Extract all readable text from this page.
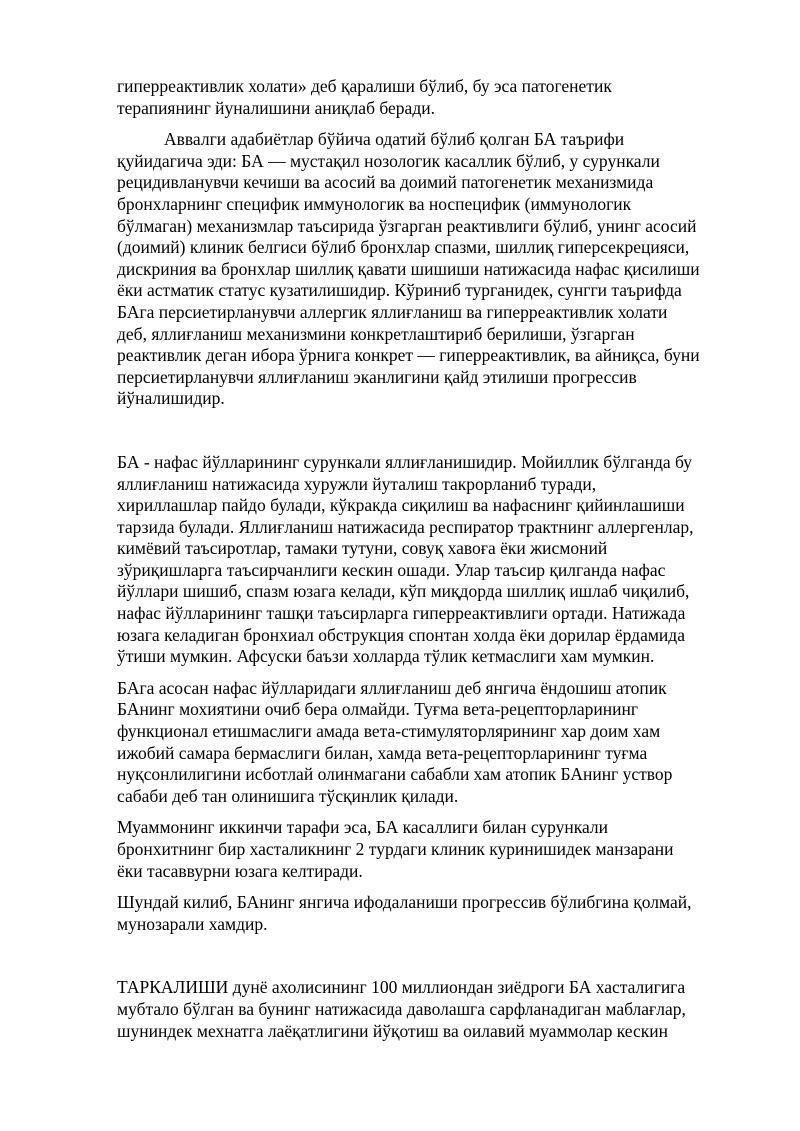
гиперреактивлик холати» деб қаралиши бўлиб, бу эса патогенетик
терапиянинг йуналишини аниқлаб беради.

Аввалги адабиётлар бўйича одатий бўлиб қолган БА таърифи
қуйидагича эди: БА — мустақил нозологик касаллик бўлиб, у сурункали
рецидивланувчи кечиши ва асосий ва доимий патогенетик механизмида
бронхларнинг специфик иммунологик ва носпецифик (иммунологик
бўлмаган) механизмлар таъсирида ўзгарган реактивлиги бўлиб, унинг асосий
(доимий) клиник белгиси бўлиб бронхлар спазми, шиллиқ гиперсекрецияси,
дискриния ва бронхлар шиллиқ қавати шишиши натижасида нафас қисилиши
ёки астматик статус кузатилишидир. Кўриниб турганидек, сунгги таърифда
БАга персиетирланувчи аллергик яллиғланиш ва гиперреактивлик холати
деб, яллиғланиш механизмини конкретлаштириб берилиши, ўзгарган
реактивлик деган ибора ўрнига конкрет — гиперреактивлик, ва айниқса, буни
персиетирланувчи яллиғланиш эканлигини қайд этилиши прогрессив
йўналишидир.

БА - нафас йўлларининг сурункали яллиғланишидир. Мойиллик бўлганда бу
яллиғланиш натижасида хуружли йуталиш такрорланиб туради,
хириллашлар пайдо булади, кўкракда сиқилиш ва нафаснинг қийинлашиши
тарзида булади. Яллиғланиш натижасида респиратор трактнинг аллергенлар,
кимёвий таъсиротлар, тамаки тутуни, совуқ хавоға ёки жисмоний
зўриқишларга таъсирчанлиги кескин ошади. Улар таъсир қилганда нафас
йўллари шишиб, спазм юзага келади, кўп миқдорда шиллиқ ишлаб чиқилиб,
нафас йўлларининг ташқи таъсирларга гиперреактивлиги ортади. Натижада
юзага келадиган бронхиал обструкция спонтан холда ёки дорилар ёрдамида
ўтиши мумкин. Афсуски баъзи холларда тўлик кетмаслиги хам мумкин.

БАга асосан нафас йўлларидаги яллиғланиш деб янгича ёндошиш атопик
БАнинг мохиятини очиб бера олмайди. Туғма вета-рецепторларининг
функционал етишмаслиги амада вета-стимуляторлярининг хар доим хам
ижобий самара бермаслиги билан, хамда вета-рецепторларининг туғма
нуқсонлилигини исботлай олинмагани сабабли хам атопик БАнинг уствор
сабаби деб тан олинишига тўсқинлик қилади.

Муаммонинг иккинчи тарафи эса, БА касаллиги билан сурункали
бронхитнинг бир хасталикнинг 2 турдаги клиник куринишидек манзарани
ёки тасаввурни юзага келтиради.

Шундай килиб, БАнинг янгича ифодаланиши прогрессив бўлибгина қолмай,
мунозарали хамдир.

ТАРКАЛИШИ дунё ахолисининг 100 миллиондан зиёдроги БА хасталигига
мубтало бўлган ва бунинг натижасида даволашга сарфланадиган маблағлар,
шуниндек мехнатга лаёқатлигини йўқотиш ва оилавий муаммолар кескин
